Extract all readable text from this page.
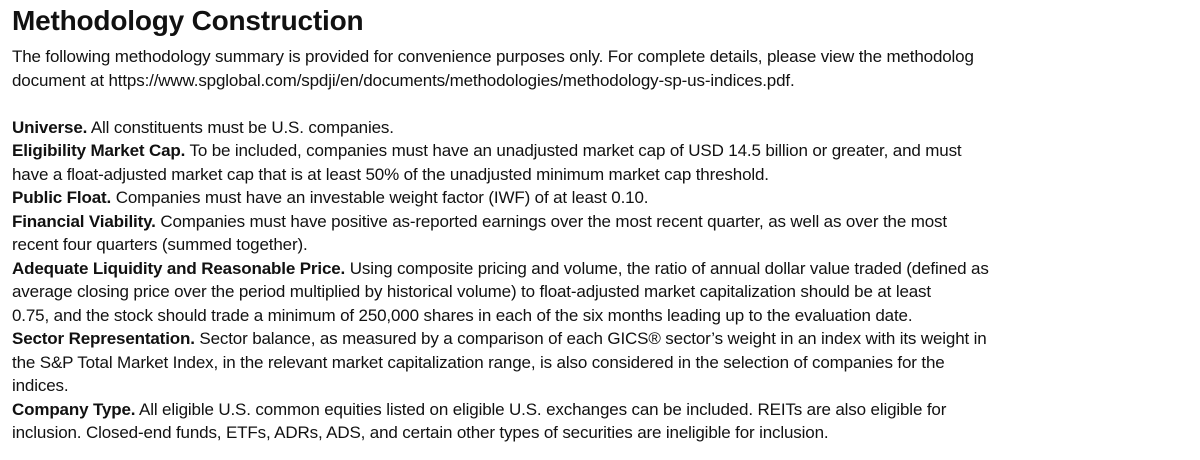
Methodology Construction
The following methodology summary is provided for convenience purposes only. For complete details, please view the methodolog
document at https://www.spglobal.com/spdji/en/documents/methodologies/methodology-sp-us-indices.pdf.
Universe. All constituents must be U.S. companies.
Eligibility Market Cap. To be included, companies must have an unadjusted market cap of USD 14.5 billion or greater, and must
have a float-adjusted market cap that is at least 50% of the unadjusted minimum market cap threshold.
Public Float. Companies must have an investable weight factor (IWF) of at least 0.10.
Financial Viability. Companies must have positive as-reported earnings over the most recent quarter, as well as over the most
recent four quarters (summed together).
Adequate Liquidity and Reasonable Price. Using composite pricing and volume, the ratio of annual dollar value traded (defined as
average closing price over the period multiplied by historical volume) to float-adjusted market capitalization should be at least
0.75, and the stock should trade a minimum of 250,000 shares in each of the six months leading up to the evaluation date.
Sector Representation. Sector balance, as measured by a comparison of each GICS® sector’s weight in an index with its weight in
the S&P Total Market Index, in the relevant market capitalization range, is also considered in the selection of companies for the
indices.
Company Type. All eligible U.S. common equities listed on eligible U.S. exchanges can be included. REITs are also eligible for
inclusion. Closed-end funds, ETFs, ADRs, ADS, and certain other types of securities are ineligible for inclusion.
